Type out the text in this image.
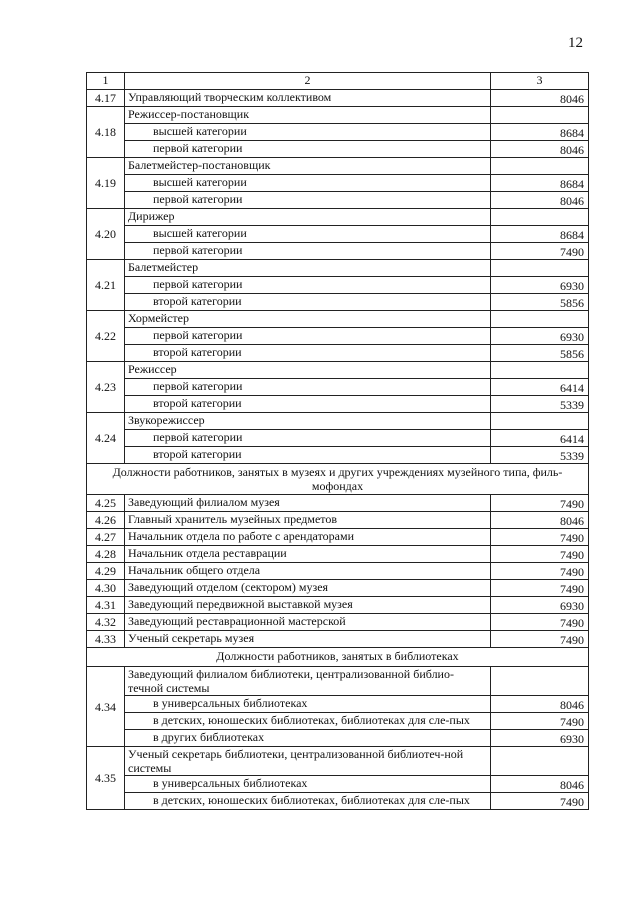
12
1	2	3
4.17	Управляющий творческим коллективом	8046
4.18	Режиссер-постановщик	
	высшей категории	8684
	первой категории	8046
4.19	Балетмейстер-постановщик	
	высшей категории	8684
	первой категории	8046
4.20	Дирижер	
	высшей категории	8684
	первой категории	7490
4.21	Балетмейстер	
	первой категории	6930
	второй категории	5856
4.22	Хормейстер	
	первой категории	6930
	второй категории	5856
4.23	Режиссер	
	первой категории	6414
	второй категории	5339
4.24	Звукорежиссер	
	первой категории	6414
	второй категории	5339
Должности работников, занятых в музеях и других учреждениях музейного типа, филь-мофондах		
4.25	Заведующий филиалом музея	7490
4.26	Главный хранитель музейных предметов	8046
4.27	Начальник отдела по работе с арендаторами	7490
4.28	Начальник отдела реставрации	7490
4.29	Начальник общего отдела	7490
4.30	Заведующий отделом (сектором) музея	7490
4.31	Заведующий передвижной выставкой музея	6930
4.32	Заведующий реставрационной мастерской	7490
4.33	Ученый секретарь музея	7490
Должности работников, занятых в библиотеках		
4.34	Заведующий филиалом библиотеки, централизованной библио-течной системы	
	в универсальных библиотеках	8046
	в детских, юношеских библиотеках, библиотеках для сле-пых	7490
	в других библиотеках	6930
4.35	Ученый секретарь библиотеки, централизованной библиотеч-ной системы	
	в универсальных библиотеках	8046
	в детских, юношеских библиотеках, библиотеках для сле-пых	7490
